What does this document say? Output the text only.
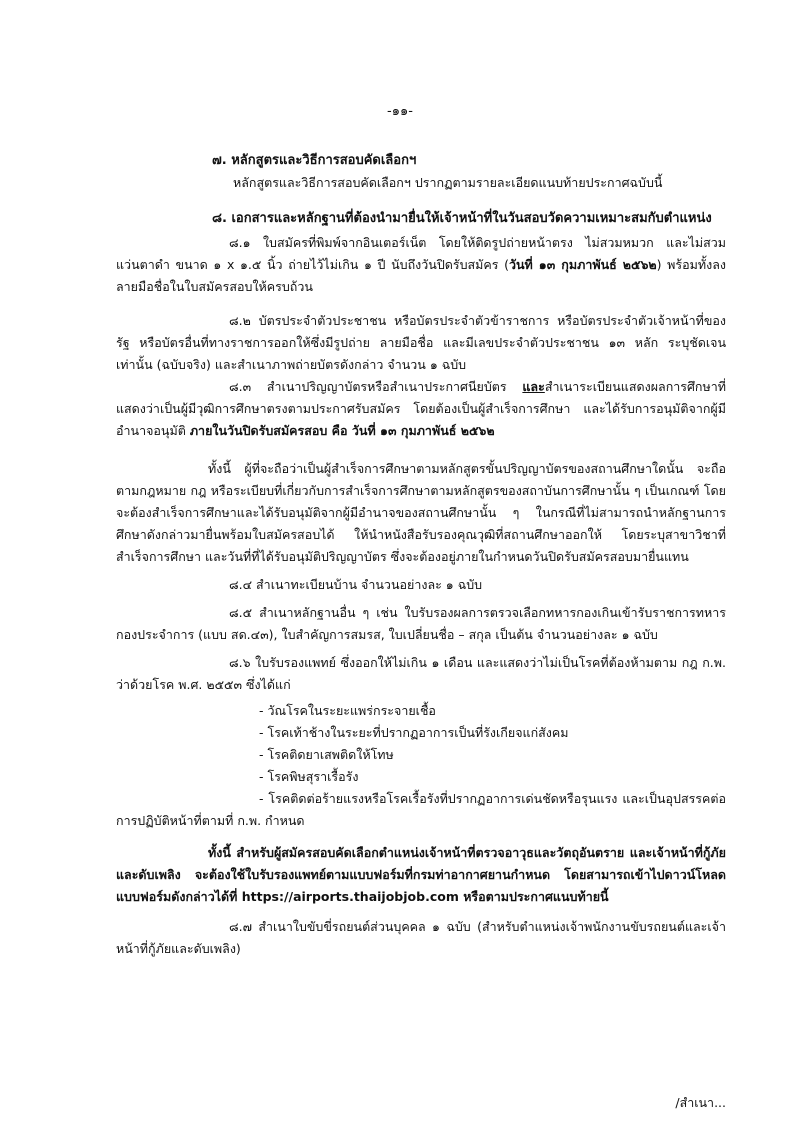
-๑๑-

๗. หลักสูตรและวิธีการสอบคัดเลือกฯ

หลักสูตรและวิธีการสอบคัดเลือกฯ ปรากฏตามรายละเอียดแนบท้ายประกาศฉบับนี้

๘. เอกสารและหลักฐานที่ต้องนำมายื่นให้เจ้าหน้าที่ในวันสอบวัดความเหมาะสมกับตำแหน่ง

๘.๑ ใบสมัครที่พิมพ์จากอินเตอร์เน็ต โดยให้ติดรูปถ่ายหน้าตรง ไม่สวมหมวก และไม่สวมแว่นตาดำ ขนาด ๑ x ๑.๕ นิ้ว ถ่ายไว้ไม่เกิน ๑ ปี นับถึงวันปิดรับสมัคร (วันที่ ๑๓ กุมภาพันธ์ ๒๕๖๒) พร้อมทั้งลงลายมือชื่อในใบสมัครสอบให้ครบถ้วน

๘.๒ บัตรประจำตัวประชาชน หรือบัตรประจำตัวข้าราชการ หรือบัตรประจำตัวเจ้าหน้าที่ของรัฐ หรือบัตรอื่นที่ทางราชการออกให้ซึ่งมีรูปถ่าย ลายมือชื่อ และมีเลขประจำตัวประชาชน ๑๓ หลัก ระบุชัดเจนเท่านั้น (ฉบับจริง) และสำเนาภาพถ่ายบัตรดังกล่าว จำนวน ๑ ฉบับ

๘.๓ สำเนาปริญญาบัตรหรือสำเนาประกาศนียบัตร และสำเนาระเบียนแสดงผลการศึกษาที่แสดงว่าเป็นผู้มีวุฒิการศึกษาตรงตามประกาศรับสมัคร โดยต้องเป็นผู้สำเร็จการศึกษา และได้รับการอนุมัติจากผู้มีอำนาจอนุมัติ ภายในวันปิดรับสมัครสอบ คือ วันที่ ๑๓ กุมภาพันธ์ ๒๕๖๒

ทั้งนี้ ผู้ที่จะถือว่าเป็นผู้สำเร็จการศึกษาตามหลักสูตรขั้นปริญญาบัตรของสถานศึกษาใดนั้น จะถือตามกฎหมาย กฎ หรือระเบียบที่เกี่ยวกับการสำเร็จการศึกษาตามหลักสูตรของสถาบันการศึกษานั้น ๆ เป็นเกณฑ์ โดยจะต้องสำเร็จการศึกษาและได้รับอนุมัติจากผู้มีอำนาจของสถานศึกษานั้น ๆ ในกรณีที่ไม่สามารถนำหลักฐานการศึกษาดังกล่าวมายื่นพร้อมใบสมัครสอบได้ ให้นำหนังสือรับรองคุณวุฒิที่สถานศึกษาออกให้ โดยระบุสาขาวิชาที่สำเร็จการศึกษา และวันที่ที่ได้รับอนุมัติปริญญาบัตร ซึ่งจะต้องอยู่ภายในกำหนดวันปิดรับสมัครสอบมายื่นแทน

๘.๔ สำเนาทะเบียนบ้าน จำนวนอย่างละ ๑ ฉบับ

๘.๕ สำเนาหลักฐานอื่น ๆ เช่น ใบรับรองผลการตรวจเลือกทหารกองเกินเข้ารับราชการทหารกองประจำการ (แบบ สด.๔๓), ใบสำคัญการสมรส, ใบเปลี่ยนชื่อ – สกุล เป็นต้น จำนวนอย่างละ ๑ ฉบับ

๘.๖ ใบรับรองแพทย์ ซึ่งออกให้ไม่เกิน ๑ เดือน และแสดงว่าไม่เป็นโรคที่ต้องห้ามตาม กฎ ก.พ. ว่าด้วยโรค พ.ศ. ๒๕๕๓ ซึ่งได้แก่

- วัณโรคในระยะแพร่กระจายเชื้อ

- โรคเท้าช้างในระยะที่ปรากฏอาการเป็นที่รังเกียจแก่สังคม

- โรคติดยาเสพติดให้โทษ

- โรคพิษสุราเรื้อรัง

- โรคติดต่อร้ายแรงหรือโรคเรื้อรังที่ปรากฏอาการเด่นชัดหรือรุนแรง และเป็นอุปสรรคต่อการปฏิบัติหน้าที่ตามที่ ก.พ. กำหนด

ทั้งนี้ สำหรับผู้สมัครสอบคัดเลือกตำแหน่งเจ้าหน้าที่ตรวจอาวุธและวัตถุอันตราย และเจ้าหน้าที่กู้ภัยและดับเพลิง จะต้องใช้ใบรับรองแพทย์ตามแบบฟอร์มที่กรมท่าอากาศยานกำหนด โดยสามารถเข้าไปดาวน์โหลดแบบฟอร์มดังกล่าวได้ที่ https://airports.thaijobjob.com หรือตามประกาศแนบท้ายนี้

๘.๗ สำเนาใบขับขี่รถยนต์ส่วนบุคคล ๑ ฉบับ (สำหรับตำแหน่งเจ้าพนักงานขับรถยนต์และเจ้าหน้าที่กู้ภัยและดับเพลิง)

/สำเนา...
